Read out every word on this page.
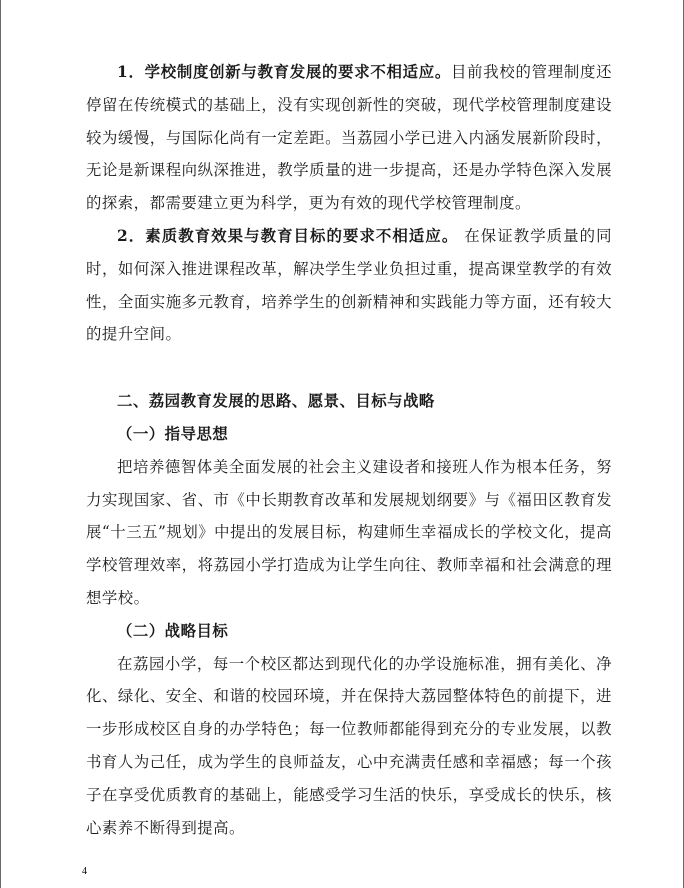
1．学校制度创新与教育发展的要求不相适应。目前我校的管理制度还停留在传统模式的基础上，没有实现创新性的突破，现代学校管理制度建设较为缓慢，与国际化尚有一定差距。当荔园小学已进入内涵发展新阶段时，无论是新课程向纵深推进，教学质量的进一步提高，还是办学特色深入发展的探索，都需要建立更为科学，更为有效的现代学校管理制度。

2．素质教育效果与教育目标的要求不相适应。 在保证教学质量的同时，如何深入推进课程改革，解决学生学业负担过重，提高课堂教学的有效性，全面实施多元教育，培养学生的创新精神和实践能力等方面，还有较大的提升空间。

二、荔园教育发展的思路、愿景、目标与战略

（一）指导思想

把培养德智体美全面发展的社会主义建设者和接班人作为根本任务，努力实现国家、省、市《中长期教育改革和发展规划纲要》与《福田区教育发展“十三五”规划》中提出的发展目标，构建师生幸福成长的学校文化，提高学校管理效率，将荔园小学打造成为让学生向往、教师幸福和社会满意的理想学校。

（二）战略目标

在荔园小学，每一个校区都达到现代化的办学设施标准，拥有美化、净化、绿化、安全、和谐的校园环境，并在保持大荔园整体特色的前提下，进一步形成校区自身的办学特色；每一位教师都能得到充分的专业发展，以教书育人为己任，成为学生的良师益友，心中充满责任感和幸福感；每一个孩子在享受优质教育的基础上，能感受学习生活的快乐，享受成长的快乐，核心素养不断得到提高。

4
